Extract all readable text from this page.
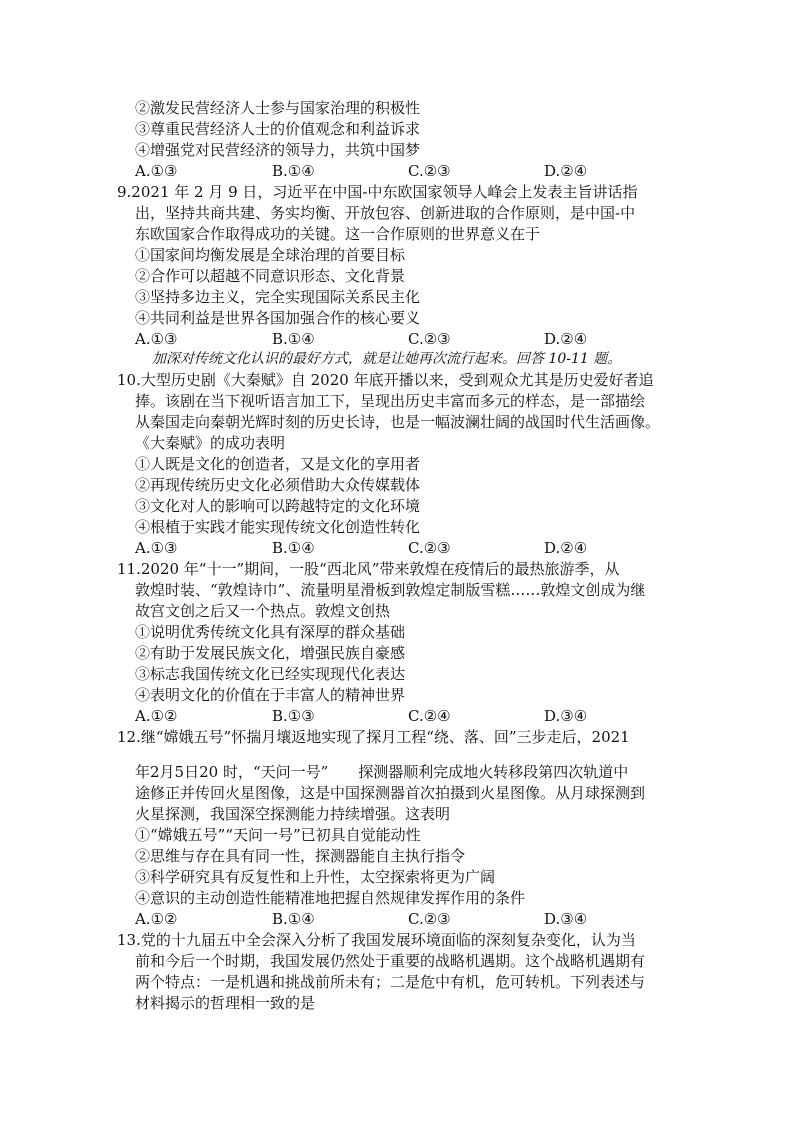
②激发民营经济人士参与国家治理的积极性
③尊重民营经济人士的价值观念和利益诉求
④增强党对民营经济的领导力，共筑中国梦
A.①③	B.①④	C.②③	D.②④
9.2021 年 2 月 9 日，习近平在中国-中东欧国家领导人峰会上发表主旨讲话指
出，坚持共商共建、务实均衡、开放包容、创新进取的合作原则，是中国-中
东欧国家合作取得成功的关键。这一合作原则的世界意义在于
①国家间均衡发展是全球治理的首要目标
②合作可以超越不同意识形态、文化背景
③坚持多边主义，完全实现国际关系民主化
④共同利益是世界各国加强合作的核心要义
A.①③	B.①④	C.②③	D.②④
加深对传统文化认识的最好方式，就是让她再次流行起来。回答 10-11 题。
10.大型历史剧《大秦赋》自 2020 年底开播以来，受到观众尤其是历史爱好者追
捧。该剧在当下视听语言加工下，呈现出历史丰富而多元的样态，是一部描绘
从秦国走向秦朝光辉时刻的历史长诗，也是一幅波澜壮阔的战国时代生活画像。
《大秦赋》的成功表明
①人既是文化的创造者，又是文化的享用者
②再现传统历史文化必须借助大众传媒载体
③文化对人的影响可以跨越特定的文化环境
④根植于实践才能实现传统文化创造性转化
A.①③	B.①④	C.②③	D.②④
11.2020 年“十一”期间，一股“西北风”带来敦煌在疫情后的最热旅游季，从
敦煌时装、“敦煌诗巾”、流量明星滑板到敦煌定制版雪糕……敦煌文创成为继
故宫文创之后又一个热点。敦煌文创热
①说明优秀传统文化具有深厚的群众基础
②有助于发展民族文化，增强民族自豪感
③标志我国传统文化已经实现现代化表达
④表明文化的价值在于丰富人的精神世界
A.①②	B.①③	C.②④	D.③④
12.继“嫦娥五号”怀揣月壤返地实现了探月工程“绕、落、回”三步走后，2021
年2月5日20 时，“天问一号”　　探测器顺利完成地火转移段第四次轨道中
途修正并传回火星图像，这是中国探测器首次拍摄到火星图像。从月球探测到
火星探测，我国深空探测能力持续增强。这表明
①“嫦娥五号”“天问一号”已初具自觉能动性
②思维与存在具有同一性，探测器能自主执行指令
③科学研究具有反复性和上升性，太空探索将更为广阔
④意识的主动创造性能精准地把握自然规律发挥作用的条件
A.①②	B.①④	C.②③	D.③④
13.党的十九届五中全会深入分析了我国发展环境面临的深刻复杂变化，认为当
前和今后一个时期，我国发展仍然处于重要的战略机遇期。这个战略机遇期有
两个特点：一是机遇和挑战前所未有；二是危中有机，危可转机。下列表述与
材料揭示的哲理相一致的是
